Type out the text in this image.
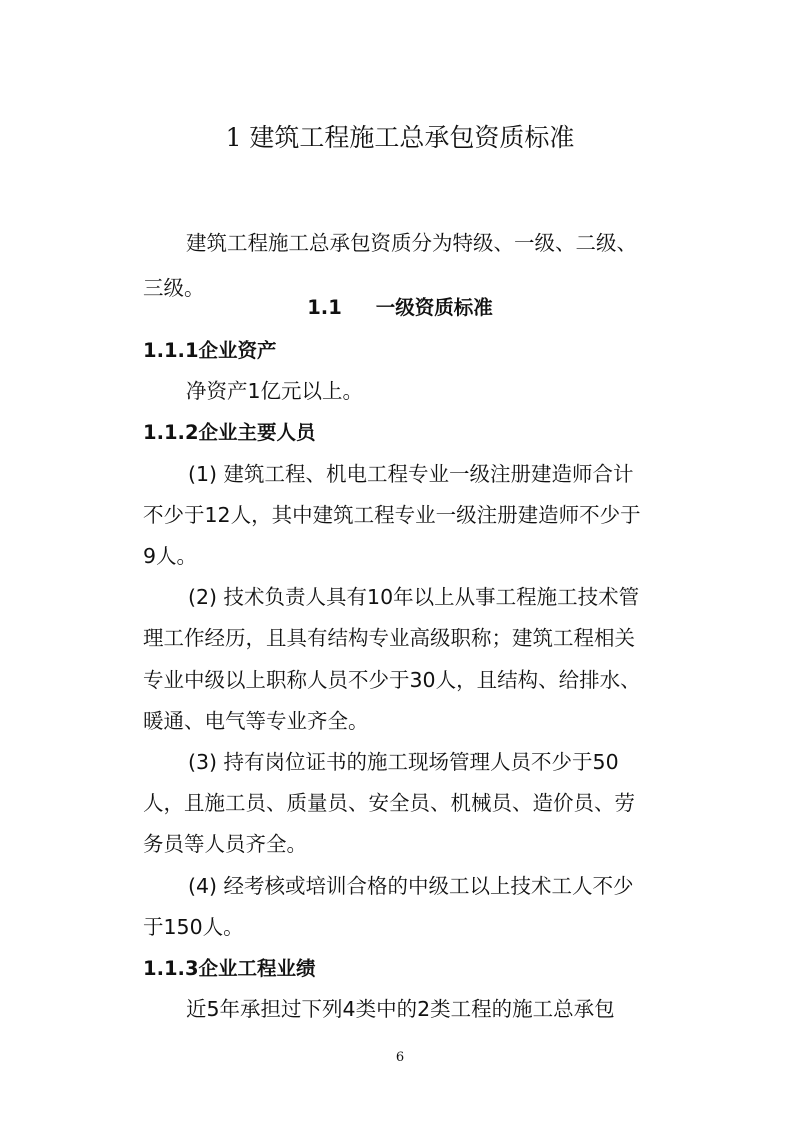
1 建筑工程施工总承包资质标准

建筑工程施工总承包资质分为特级、一级、二级、三级。

1.1 一级资质标准
1.1.1企业资产

净资产1亿元以上。

1.1.2企业主要人员

(1) 建筑工程、机电工程专业一级注册建造师合计不少于12人，其中建筑工程专业一级注册建造师不少于9人。

(2) 技术负责人具有10年以上从事工程施工技术管理工作经历，且具有结构专业高级职称；建筑工程相关专业中级以上职称人员不少于30人，且结构、给排水、暖通、电气等专业齐全。

(3) 持有岗位证书的施工现场管理人员不少于50人，且施工员、质量员、安全员、机械员、造价员、劳务员等人员齐全。

(4) 经考核或培训合格的中级工以上技术工人不少于150人。

1.1.3企业工程业绩

近5年承担过下列4类中的2类工程的施工总承包

6
